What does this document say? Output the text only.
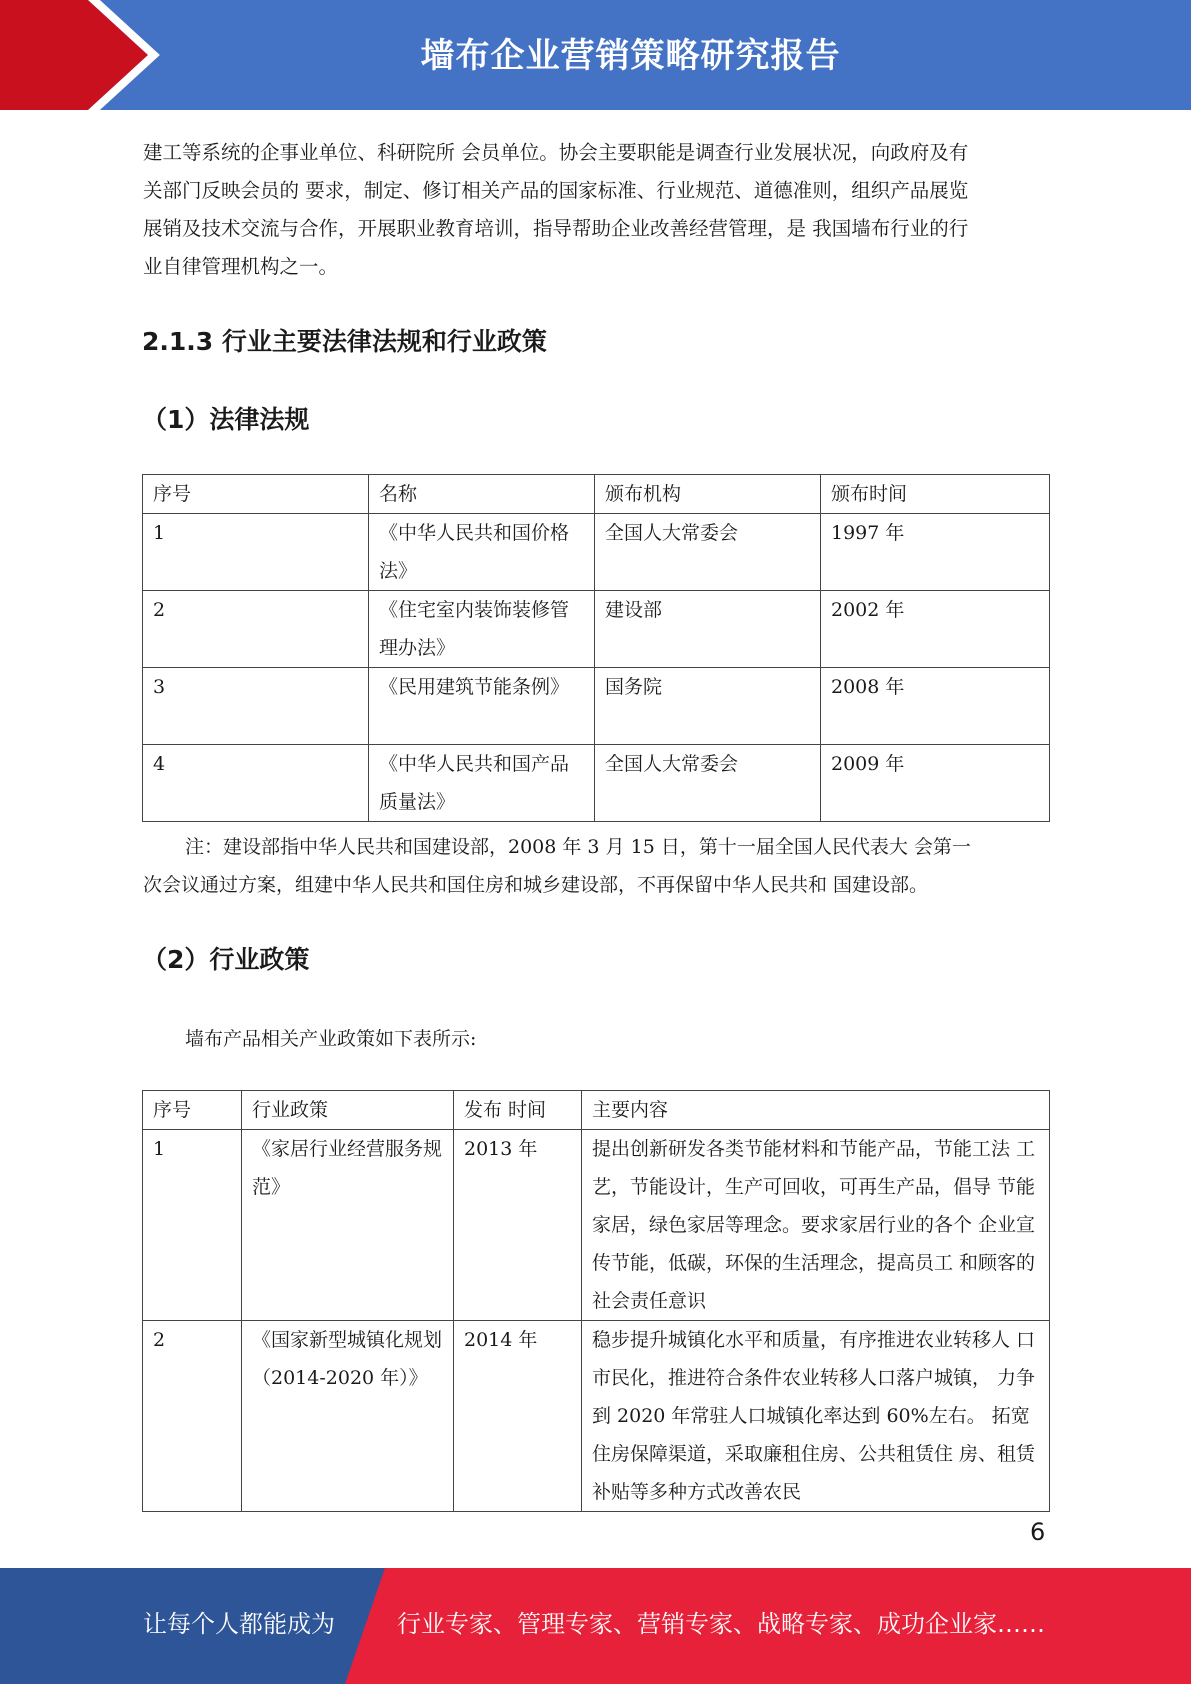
墙布企业营销策略研究报告

建工等系统的企事业单位、科研院所 会员单位。协会主要职能是调查行业发展状况，向政府及有

关部门反映会员的 要求，制定、修订相关产品的国家标准、行业规范、道德准则，组织产品展览

展销及技术交流与合作，开展职业教育培训，指导帮助企业改善经营管理，是 我国墙布行业的行

业自律管理机构之一。

2.1.3 行业主要法律法规和行业政策
（1）法律法规
序号	名称	颁布机构	颁布时间
1	《中华人民共和国价格法》	全国人大常委会	1997 年
2	《住宅室内装饰装修管理办法》	建设部	2002 年
3	《民用建筑节能条例》	国务院	2008 年
4	《中华人民共和国产品质量法》	全国人大常委会	2009 年

注：建设部指中华人民共和国建设部，2008 年 3 月 15 日，第十一届全国人民代表大 会第一

次会议通过方案，组建中华人民共和国住房和城乡建设部，不再保留中华人民共和 国建设部。

（2）行业政策

墙布产品相关产业政策如下表所示:

序号	行业政策	发布 时间	主要内容
1	《家居行业经营服务规范》	2013 年	提出创新研发各类节能材料和节能产品，节能工法 工艺，节能设计，生产可回收，可再生产品，倡导 节能家居，绿色家居等理念。要求家居行业的各个 企业宣传节能，低碳，环保的生活理念，提高员工 和顾客的社会责任意识
2	《国家新型城镇化规划（2014-2020 年）》	2014 年	稳步提升城镇化水平和质量，有序推进农业转移人 口市民化，推进符合条件农业转移人口落户城镇， 力争到 2020 年常驻人口城镇化率达到 60%左右。 拓宽住房保障渠道，采取廉租住房、公共租赁住 房、租赁补贴等多种方式改善农民
6
让每个人都能成为	行业专家、管理专家、营销专家、战略专家、成功企业家……
